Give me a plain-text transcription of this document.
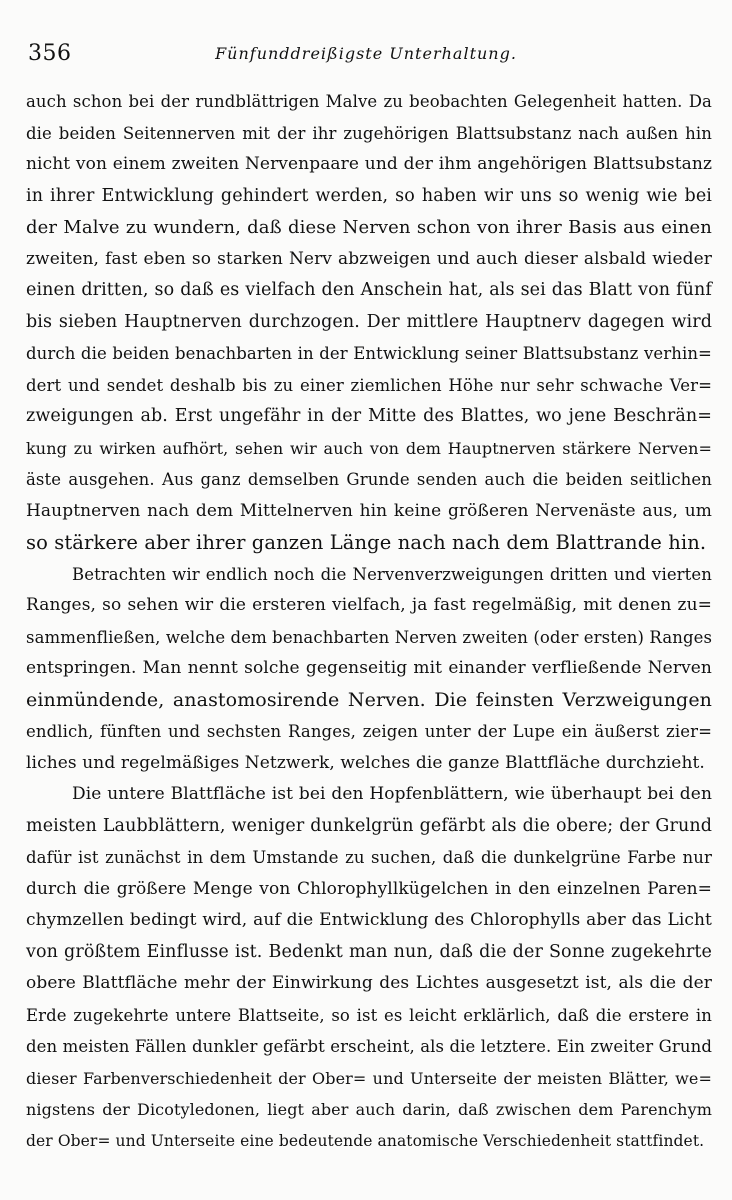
356	Fünfunddreißigste Unterhaltung.
auch schon bei der rundblättrigen Malve zu beobachten Gelegenheit hatten. Da
die beiden Seitennerven mit der ihr zugehörigen Blattsubstanz nach außen hin
nicht von einem zweiten Nervenpaare und der ihm angehörigen Blattsubstanz
in ihrer Entwicklung gehindert werden, so haben wir uns so wenig wie bei
der Malve zu wundern, daß diese Nerven schon von ihrer Basis aus einen
zweiten, fast eben so starken Nerv abzweigen und auch dieser alsbald wieder
einen dritten, so daß es vielfach den Anschein hat, als sei das Blatt von fünf
bis sieben Hauptnerven durchzogen. Der mittlere Hauptnerv dagegen wird
durch die beiden benachbarten in der Entwicklung seiner Blattsubstanz verhin=
dert und sendet deshalb bis zu einer ziemlichen Höhe nur sehr schwache Ver=
zweigungen ab. Erst ungefähr in der Mitte des Blattes, wo jene Beschrän=
kung zu wirken aufhört, sehen wir auch von dem Hauptnerven stärkere Nerven=
äste ausgehen. Aus ganz demselben Grunde senden auch die beiden seitlichen
Hauptnerven nach dem Mittelnerven hin keine größeren Nervenäste aus, um
so stärkere aber ihrer ganzen Länge nach nach dem Blattrande hin.
Betrachten wir endlich noch die Nervenverzweigungen dritten und vierten
Ranges, so sehen wir die ersteren vielfach, ja fast regelmäßig, mit denen zu=
sammenfließen, welche dem benachbarten Nerven zweiten (oder ersten) Ranges
entspringen. Man nennt solche gegenseitig mit einander verfließende Nerven
einmündende, anastomosirende Nerven. Die feinsten Verzweigungen
endlich, fünften und sechsten Ranges, zeigen unter der Lupe ein äußerst zier=
liches und regelmäßiges Netzwerk, welches die ganze Blattfläche durchzieht.
Die untere Blattfläche ist bei den Hopfenblättern, wie überhaupt bei den
meisten Laubblättern, weniger dunkelgrün gefärbt als die obere; der Grund
dafür ist zunächst in dem Umstande zu suchen, daß die dunkelgrüne Farbe nur
durch die größere Menge von Chlorophyllkügelchen in den einzelnen Paren=
chymzellen bedingt wird, auf die Entwicklung des Chlorophylls aber das Licht
von größtem Einflusse ist. Bedenkt man nun, daß die der Sonne zugekehrte
obere Blattfläche mehr der Einwirkung des Lichtes ausgesetzt ist, als die der
Erde zugekehrte untere Blattseite, so ist es leicht erklärlich, daß die erstere in
den meisten Fällen dunkler gefärbt erscheint, als die letztere. Ein zweiter Grund
dieser Farbenverschiedenheit der Ober= und Unterseite der meisten Blätter, we=
nigstens der Dicotyledonen, liegt aber auch darin, daß zwischen dem Parenchym
der Ober= und Unterseite eine bedeutende anatomische Verschiedenheit stattfindet.
